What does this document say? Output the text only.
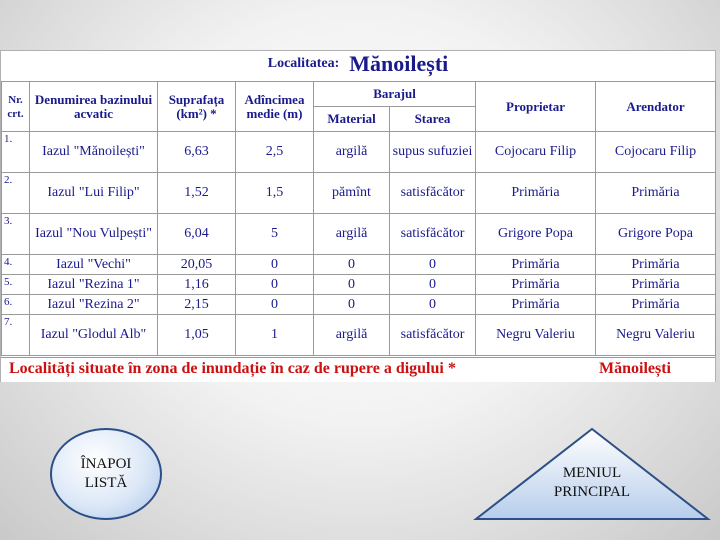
Localitatea: Mănoilești
Nr. crt.	Denumirea bazinului acvatic	Suprafața (km²) *	Adîncimea medie (m)	Barajul		Proprietar	Arendator
				Material	Starea		
1.	Iazul "Mănoilești"	6,63	2,5	argilă	supus sufuziei	Cojocaru Filip	Cojocaru Filip
2.	Iazul "Lui Filip"	1,52	1,5	pămînt	satisfăcător	Primăria	Primăria
3.	Iazul "Nou Vulpești"	6,04	5	argilă	satisfăcător	Grigore Popa	Grigore Popa
4.	Iazul "Vechi"	20,05	0	0	0	Primăria	Primăria
5.	Iazul "Rezina 1"	1,16	0	0	0	Primăria	Primăria
6.	Iazul "Rezina 2"	2,15	0	0	0	Primăria	Primăria
7.	Iazul "Glodul Alb"	1,05	1	argilă	satisfăcător	Negru Valeriu	Negru Valeriu
Localități situate în zona de inundație în caz de rupere a digului *	Mănoilești
ÎNAPOI LISTĂ
MENIUL PRINCIPAL
